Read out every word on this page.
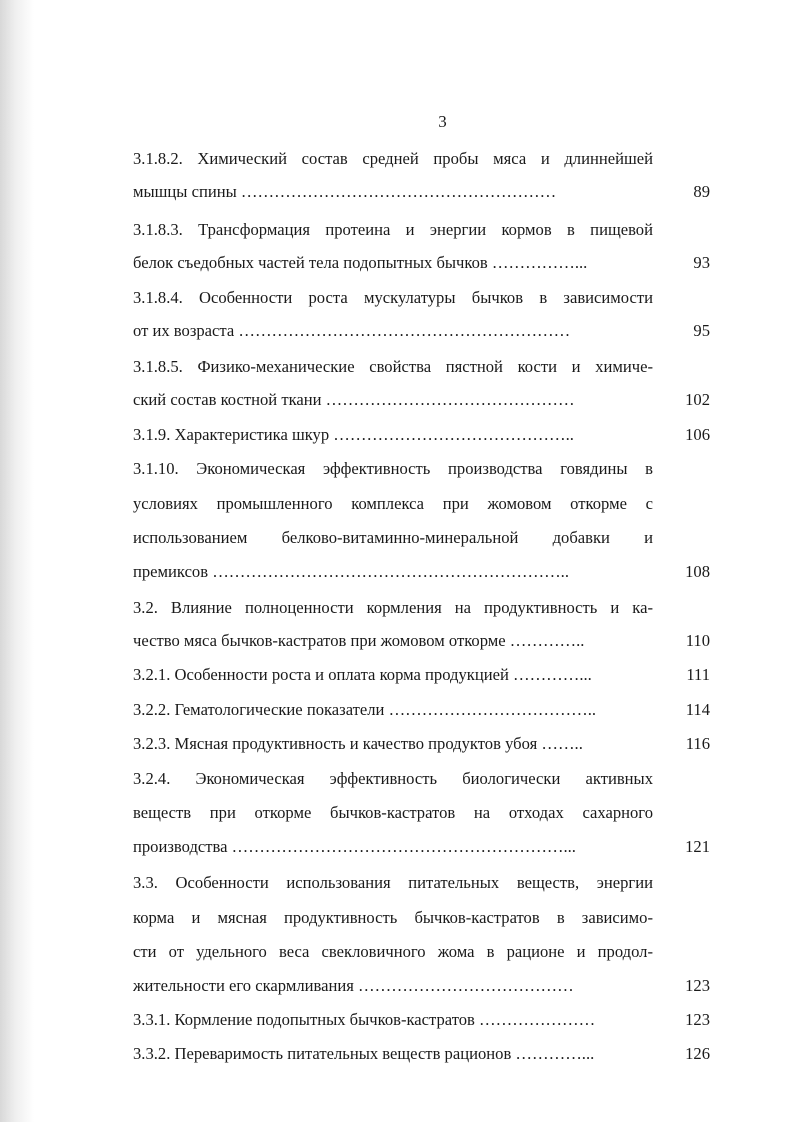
3
3.1.8.2. Химический состав средней пробы мяса и длиннейшей
мышцы спины …………………………………………………	89
3.1.8.3. Трансформация протеина и энергии кормов в пищевой
белок съедобных частей тела подопытных бычков ……………...	93
3.1.8.4. Особенности роста мускулатуры бычков в зависимости
от их возраста ……………………………………………………	95
3.1.8.5. Физико-механические свойства пястной кости и химиче-
ский состав костной ткани ………………………………………	102
3.1.9. Характеристика шкур ……………………………………..	106
3.1.10. Экономическая эффективность производства говядины в
условиях промышленного комплекса при жомовом откорме с
использованием белково-витаминно-минеральной добавки и
премиксов ………………………………………………………..	108
3.2. Влияние полноценности кормления на продуктивность и ка-
чество мяса бычков-кастратов при жомовом откорме …………..	110
3.2.1. Особенности роста и оплата корма продукцией …………...	111
3.2.2. Гематологические показатели ………………………………..	114
3.2.3. Мясная продуктивность и качество продуктов убоя ……..	116
3.2.4. Экономическая эффективность биологически активных
веществ при откорме бычков-кастратов на отходах сахарного
производства ……………………………………………………...	121
3.3. Особенности использования питательных веществ, энергии
корма и мясная продуктивность бычков-кастратов в зависимо-
сти от удельного веса свекловичного жома в рационе и продол-
жительности его скармливания …………………………………	123
3.3.1. Кормление подопытных бычков-кастратов …………………	123
3.3.2. Переваримость питательных веществ рационов …………...	126
